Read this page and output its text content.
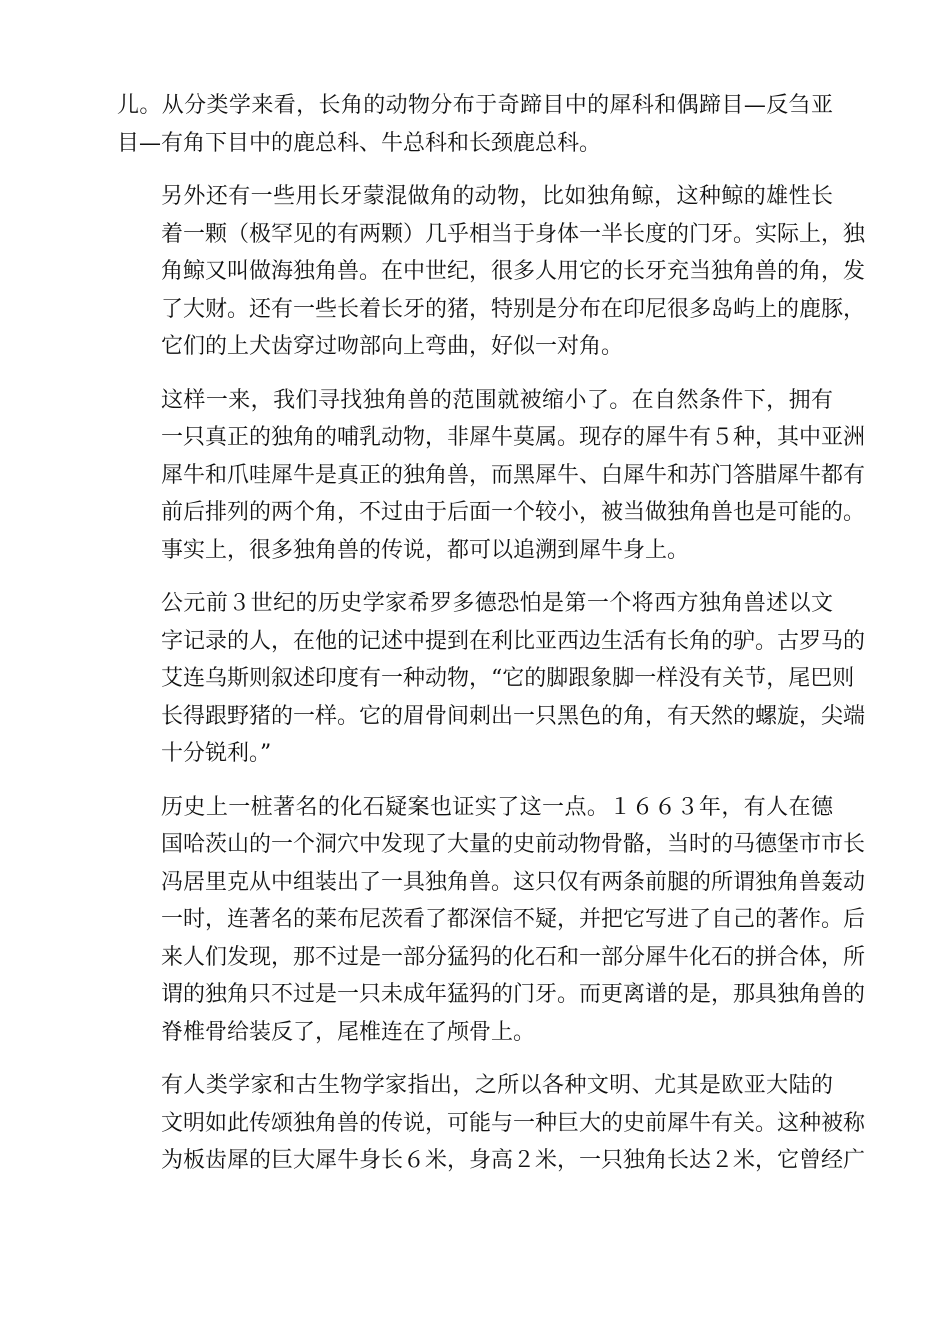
儿。从分类学来看，长角的动物分布于奇蹄目中的犀科和偶蹄目—反刍亚
目—有角下目中的鹿总科、牛总科和长颈鹿总科。
另外还有一些用长牙蒙混做角的动物，比如独角鲸，这种鲸的雄性长
着一颗（极罕见的有两颗）几乎相当于身体一半长度的门牙。实际上，独
角鲸又叫做海独角兽。在中世纪，很多人用它的长牙充当独角兽的角，发
了大财。还有一些长着长牙的猪，特别是分布在印尼很多岛屿上的鹿豚，
它们的上犬齿穿过吻部向上弯曲，好似一对角。
这样一来，我们寻找独角兽的范围就被缩小了。在自然条件下，拥有
一只真正的独角的哺乳动物，非犀牛莫属。现存的犀牛有５种，其中亚洲
犀牛和爪哇犀牛是真正的独角兽，而黑犀牛、白犀牛和苏门答腊犀牛都有
前后排列的两个角，不过由于后面一个较小，被当做独角兽也是可能的。
事实上，很多独角兽的传说，都可以追溯到犀牛身上。
公元前３世纪的历史学家希罗多德恐怕是第一个将西方独角兽述以文
字记录的人，在他的记述中提到在利比亚西边生活有长角的驴。古罗马的
艾连乌斯则叙述印度有一种动物，“它的脚跟象脚一样没有关节，尾巴则
长得跟野猪的一样。它的眉骨间刺出一只黑色的角，有天然的螺旋，尖端
十分锐利。”
历史上一桩著名的化石疑案也证实了这一点。１６６３年，有人在德
国哈茨山的一个洞穴中发现了大量的史前动物骨骼，当时的马德堡市市长
冯居里克从中组装出了一具独角兽。这只仅有两条前腿的所谓独角兽轰动
一时，连著名的莱布尼茨看了都深信不疑，并把它写进了自己的著作。后
来人们发现，那不过是一部分猛犸的化石和一部分犀牛化石的拼合体，所
谓的独角只不过是一只未成年猛犸的门牙。而更离谱的是，那具独角兽的
脊椎骨给装反了，尾椎连在了颅骨上。
有人类学家和古生物学家指出，之所以各种文明、尤其是欧亚大陆的
文明如此传颂独角兽的传说，可能与一种巨大的史前犀牛有关。这种被称
为板齿犀的巨大犀牛身长６米，身高２米，一只独角长达２米，它曾经广
